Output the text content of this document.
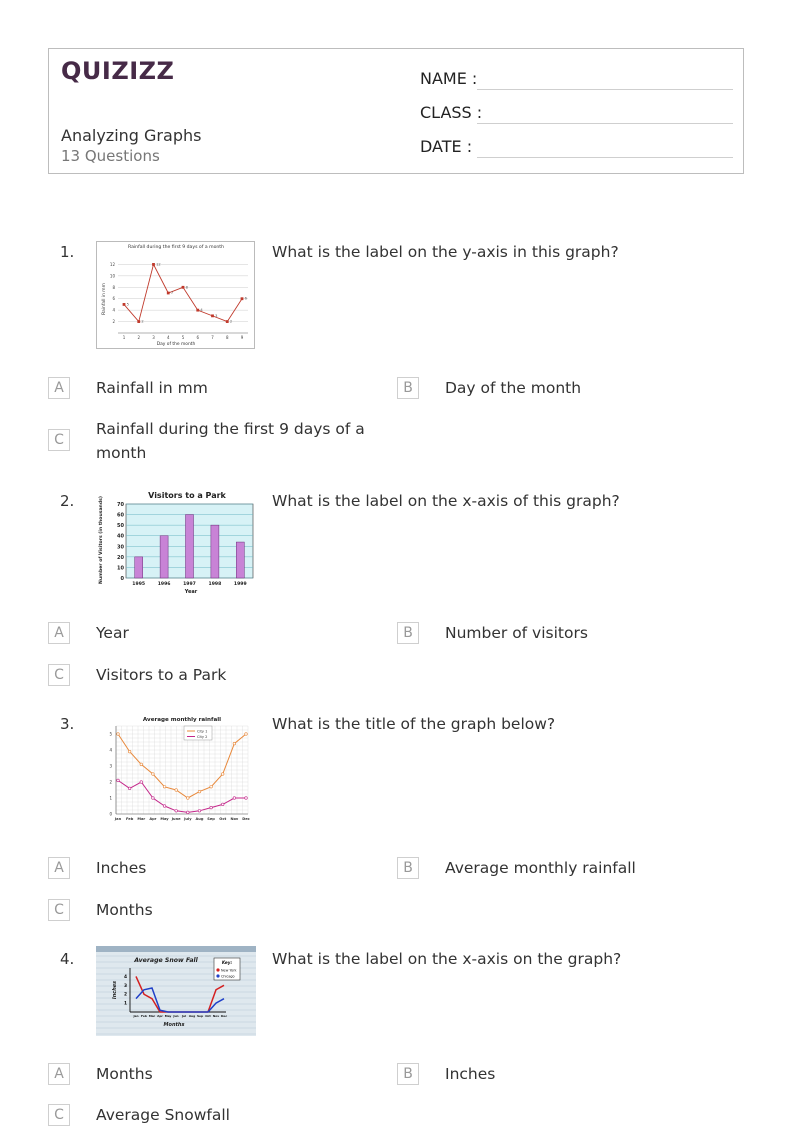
QUIZIZZ
Analyzing Graphs
13 Questions
NAME :
CLASS :
DATE :
1.	What is the label on the y-axis in this graph?
Rainfall during the first 9 days of a month
Day of the month
Rainfall in mm
2
4
6
8
10
12
1	2	3	4	5	6	7	8	9
5
2
12
7
8
4
3
2
6
A	Rainfall in mm	B	Day of the month
C
Rainfall during the first 9 days of a month
2.	What is the label on the x-axis of this graph?
Visitors to a Park
Year
Number of Visitors (in thousands)	0
10
20
30
40
50
60
70
1995	1996	1997	1998	1999
A	Year	B	Number of visitors
C	Visitors to a Park
3.	What is the title of the graph below?
Average monthly rainfall
0
1
2
3
4
5
Jan Feb Mar Apr May June July Aug Sep Oct Nov Dec
City 1
City 2
A	Inches	B	Average monthly rainfall
C	Months
4.	What is the label on the x-axis on the graph?
Average Snow Fall
Months
Inches
1
2
3
4
Jan Feb Mar Apr May Jun	Jul Aug Sep Oct Nov Dec
Key:
New York
Chicago
A	Months	B	Inches
C	Average Snowfall
